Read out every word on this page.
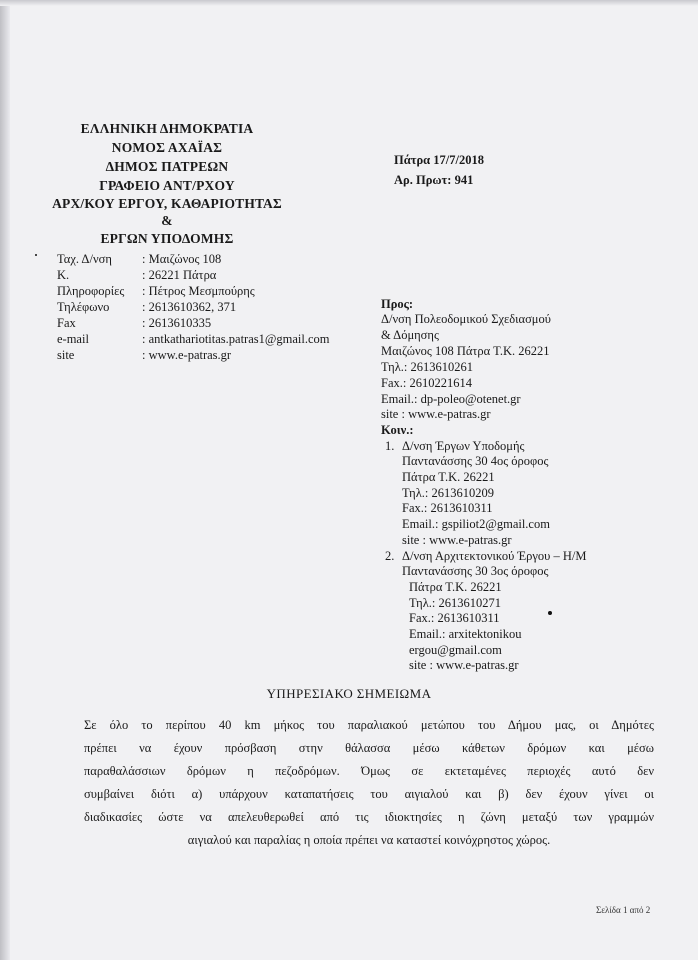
ΕΛΛΗΝΙΚΗ ΔΗΜΟΚΡΑΤΙΑ
ΝΟΜΟΣ ΑΧΑΪΑΣ
ΔΗΜΟΣ ΠΑΤΡΕΩΝ
ΓΡΑΦΕΙΟ ΑΝΤ/ΡΧΟΥ
ΑΡΧ/ΚΟΥ ΕΡΓΟΥ, ΚΑΘΑΡΙΟΤΗΤΑΣ
&
ΕΡΓΩΝ ΥΠΟΔΟΜΗΣ
Πάτρα 17/7/2018
Αρ. Πρωτ: 941
Ταχ. Δ/νση : Μαιζώνος 108
Κ.	: 26221 Πάτρα
Πληροφορίες : Πέτρος Μεσμπούρης
Τηλέφωνο	: 2613610362, 371
Fax	: 2613610335
e-mail	: antkathariotitas.patras1@gmail.com
site	: www.e-patras.gr
Προς:
Δ/νση Πολεοδομικού Σχεδιασμού
& Δόμησης
Μαιζώνος 108 Πάτρα Τ.Κ. 26221
Τηλ.: 2613610261
Fax.: 2610221614
Email.: dp-poleo@otenet.gr
site : www.e-patras.gr
Κοιν.:
1. Δ/νση Έργων Υποδομής
Παντανάσσης 30 4ος όροφος
Πάτρα Τ.Κ. 26221
Τηλ.: 2613610209
Fax.: 2613610311
Email.: gspiliot2@gmail.com
site : www.e-patras.gr
2. Δ/νση Αρχιτεκτονικού Έργου – Η/Μ
Παντανάσσης 30 3ος όροφος
Πάτρα Τ.Κ. 26221
Τηλ.: 2613610271
Fax.: 2613610311
Email.: arxitektonikou
ergou@gmail.com
site : www.e-patras.gr
ΥΠΗΡΕΣΙΑΚΟ ΣΗΜΕΙΩΜΑ
Σε όλο το περίπου 40 km μήκος του παραλιακού μετώπου του Δήμου μας, οι Δημότες
πρέπει να έχουν πρόσβαση στην θάλασσα μέσω κάθετων δρόμων και μέσω
παραθαλάσσιων δρόμων η πεζοδρόμων. Όμως σε εκτεταμένες περιοχές αυτό δεν
συμβαίνει διότι α) υπάρχουν καταπατήσεις του αιγιαλού και β) δεν έχουν γίνει οι
διαδικασίες ώστε να απελευθερωθεί από τις ιδιοκτησίες η ζώνη μεταξύ των γραμμών
αιγιαλού και παραλίας η οποία πρέπει να καταστεί κοινόχρηστος χώρος.
Σελίδα 1 από 2
